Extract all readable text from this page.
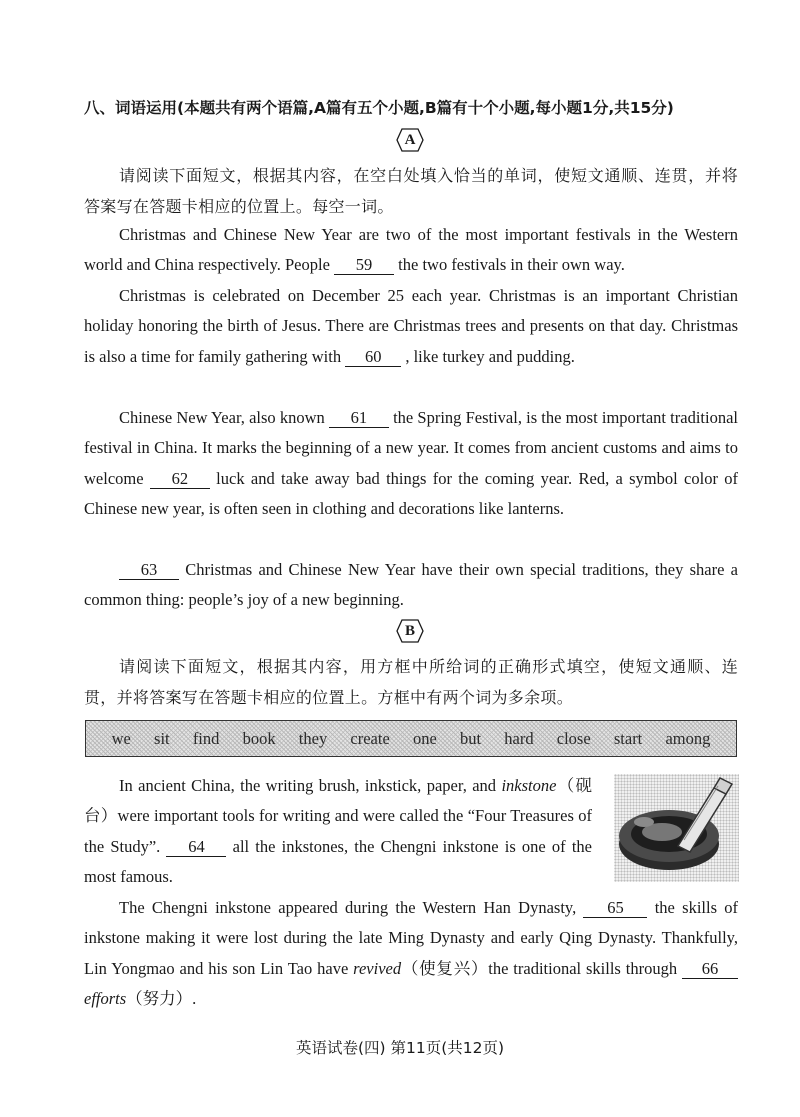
八、词语运用(本题共有两个语篇,A篇有五个小题,B篇有十个小题,每小题1分,共15分)
A

请阅读下面短文，根据其内容，在空白处填入恰当的单词，使短文通顺、连贯，并将答案写在答题卡相应的位置上。每空一词。

Christmas and Chinese New Year are two of the most important festivals in the Western world and China respectively. People 59 the two festivals in their own way.

Christmas is celebrated on December 25 each year. Christmas is an important Christian holiday honoring the birth of Jesus. There are Christmas trees and presents on that day. Christmas is also a time for family gathering with 60 , like turkey and pudding.

Chinese New Year, also known 61 the Spring Festival, is the most important traditional festival in China. It marks the beginning of a new year. It comes from ancient customs and aims to welcome 62 luck and take away bad things for the coming year. Red, a symbol color of Chinese new year, is often seen in clothing and decorations like lanterns.

63 Christmas and Chinese New Year have their own special traditions, they share a common thing: people’s joy of a new beginning.

B

请阅读下面短文，根据其内容，用方框中所给词的正确形式填空，使短文通顺、连贯，并将答案写在答题卡相应的位置上。方框中有两个词为多余项。

we sit find book they create one but hard close start among

In ancient China, the writing brush, inkstick, paper, and inkstone（砚台）were important tools for writing and were called the “Four Treasures of the Study”. 64 all the inkstones, the Chengni inkstone is one of the most famous.

The Chengni inkstone appeared during the Western Han Dynasty, 65 the skills of inkstone making it were lost during the late Ming Dynasty and early Qing Dynasty. Thankfully, Lin Yongmao and his son Lin Tao have revived（使复兴）the traditional skills through 66 efforts（努力）.

英语试卷(四) 第11页(共12页)
